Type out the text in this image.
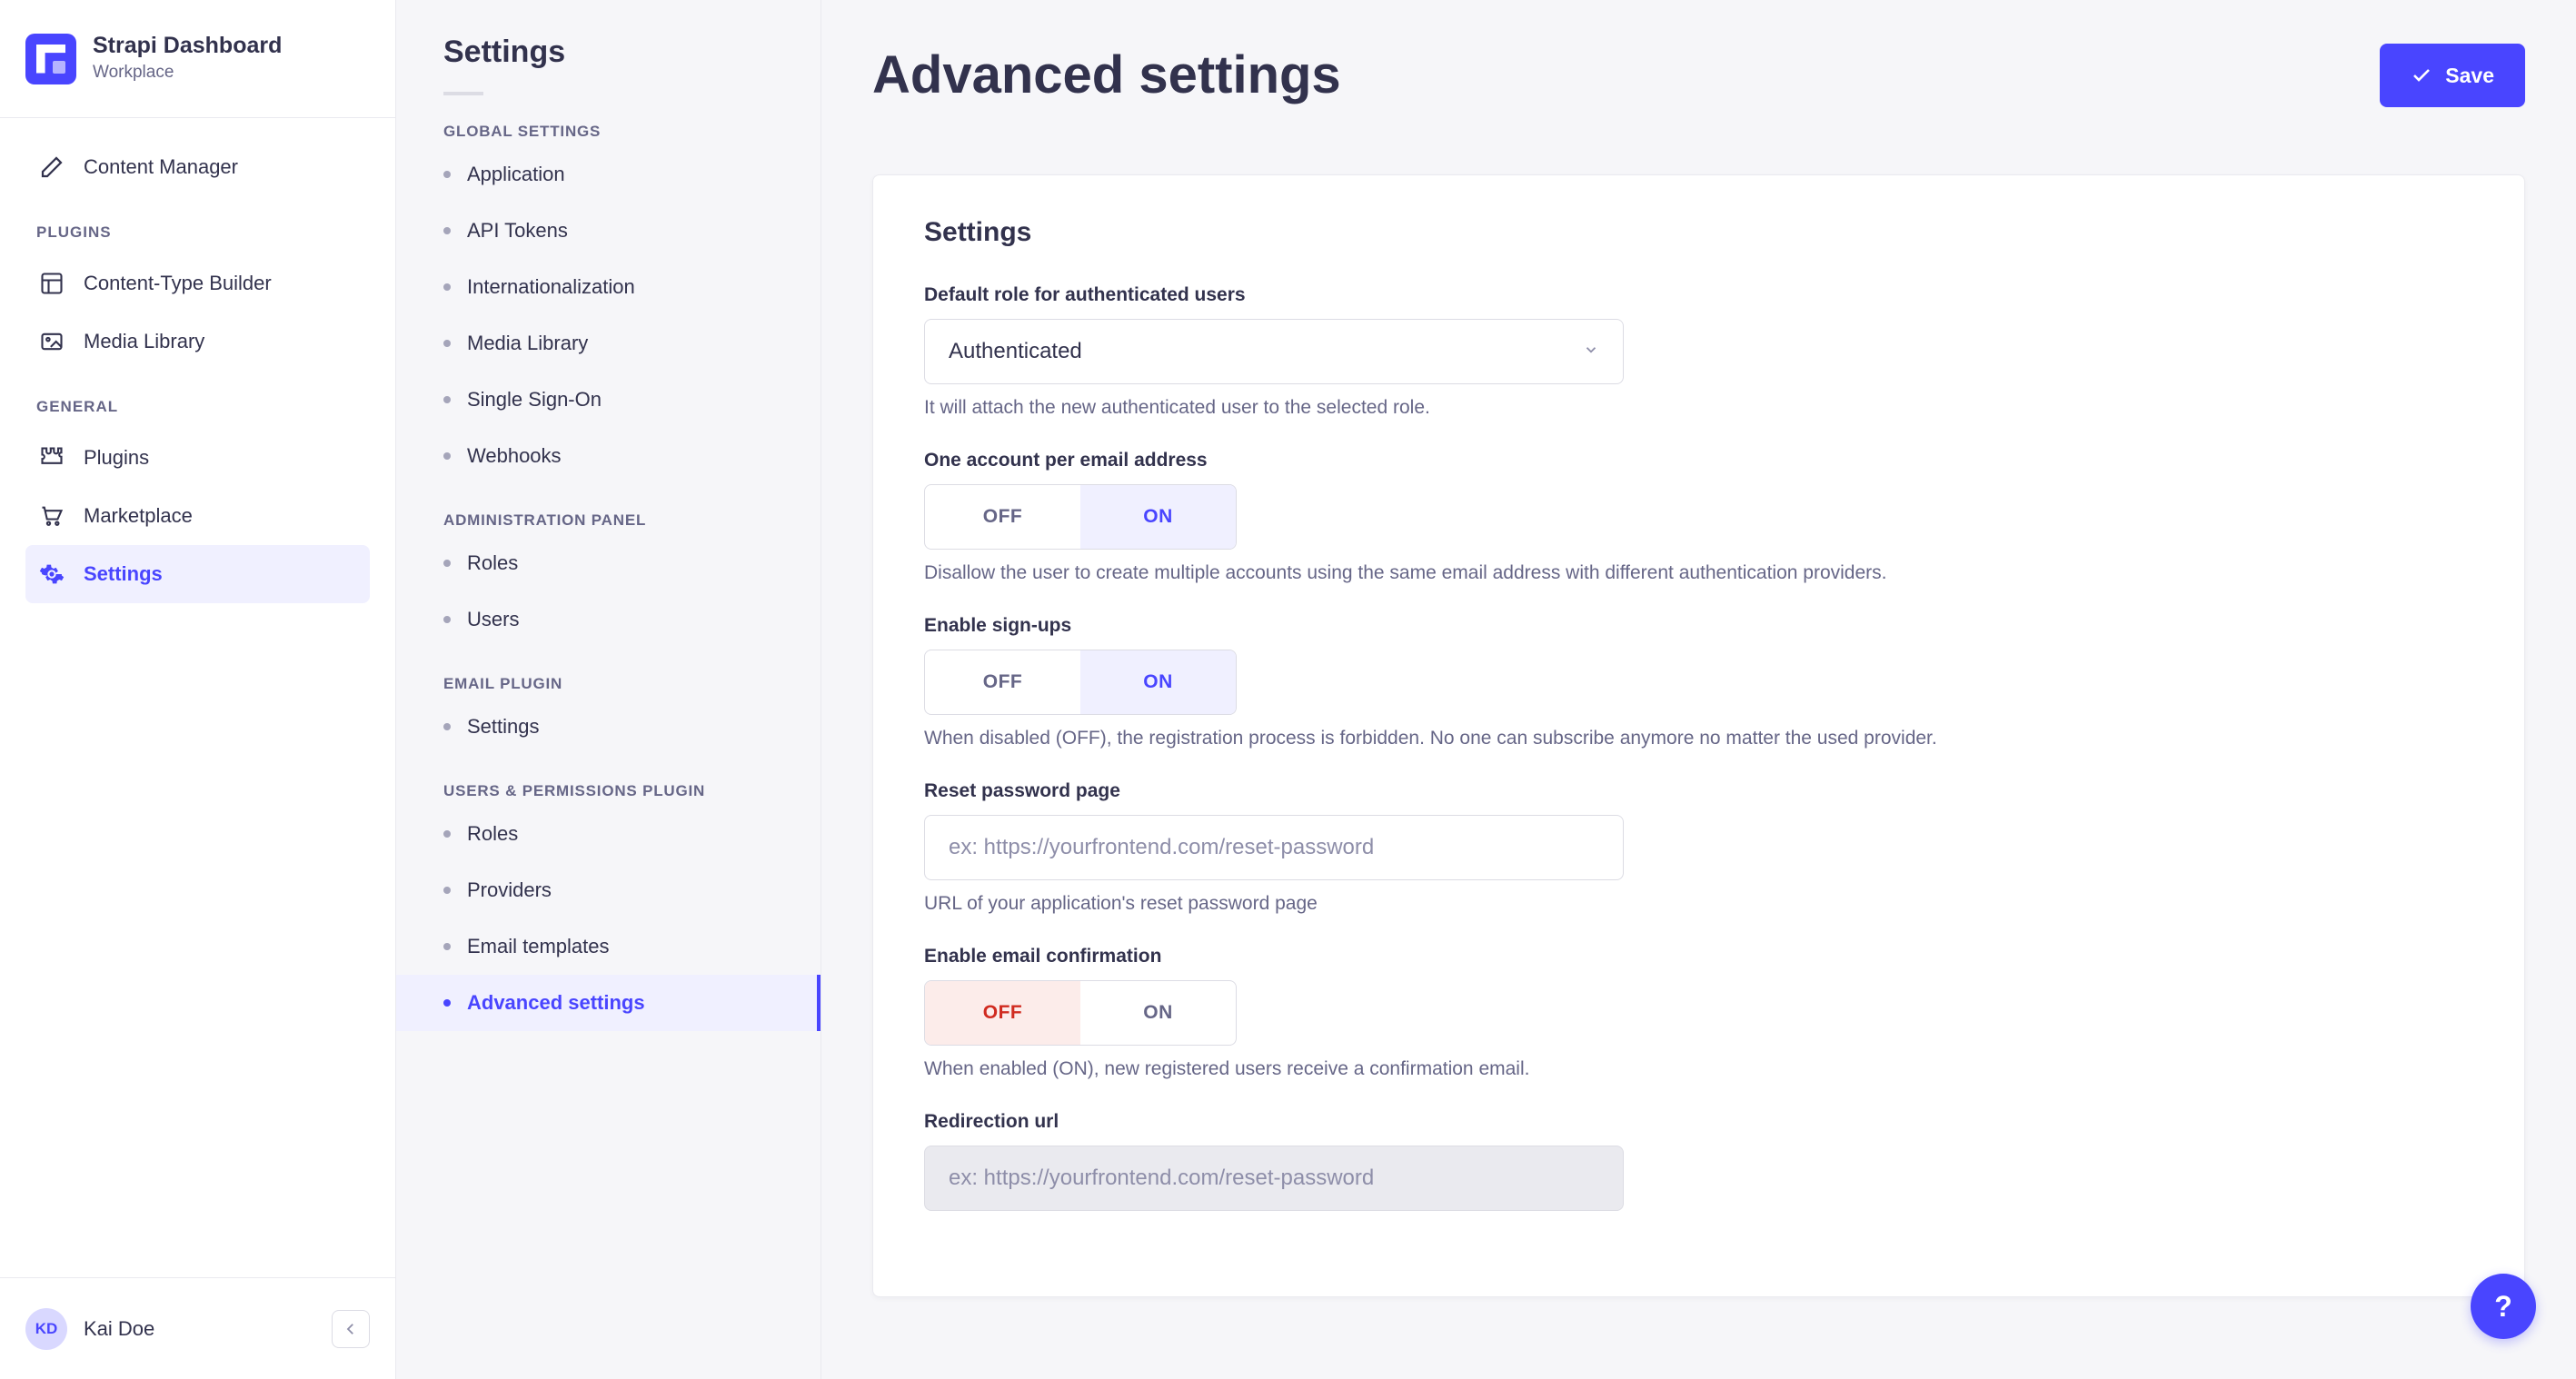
Strapi Dashboard
Workplace
Content Manager
PLUGINS
Content-Type Builder
Media Library
GENERAL
Plugins
Marketplace
Settings
KD	Kai Doe
Settings
GLOBAL SETTINGS
Application
API Tokens
Internationalization
Media Library
Single Sign-On
Webhooks
ADMINISTRATION PANEL
Roles
Users
EMAIL PLUGIN
Settings
USERS & PERMISSIONS PLUGIN
Roles
Providers
Email templates
Advanced settings
Advanced settings	Save
Settings
Default role for authenticated users
Authenticated
It will attach the new authenticated user to the selected role.
One account per email address
OFF	ON
Disallow the user to create multiple accounts using the same email address with different authentication providers.
Enable sign-ups
OFF	ON
When disabled (OFF), the registration process is forbidden. No one can subscribe anymore no matter the used provider.
Reset password page
ex: https://yourfrontend.com/reset-password
URL of your application's reset password page
Enable email confirmation
OFF	ON
When enabled (ON), new registered users receive a confirmation email.
Redirection url
ex: https://yourfrontend.com/reset-password
?
